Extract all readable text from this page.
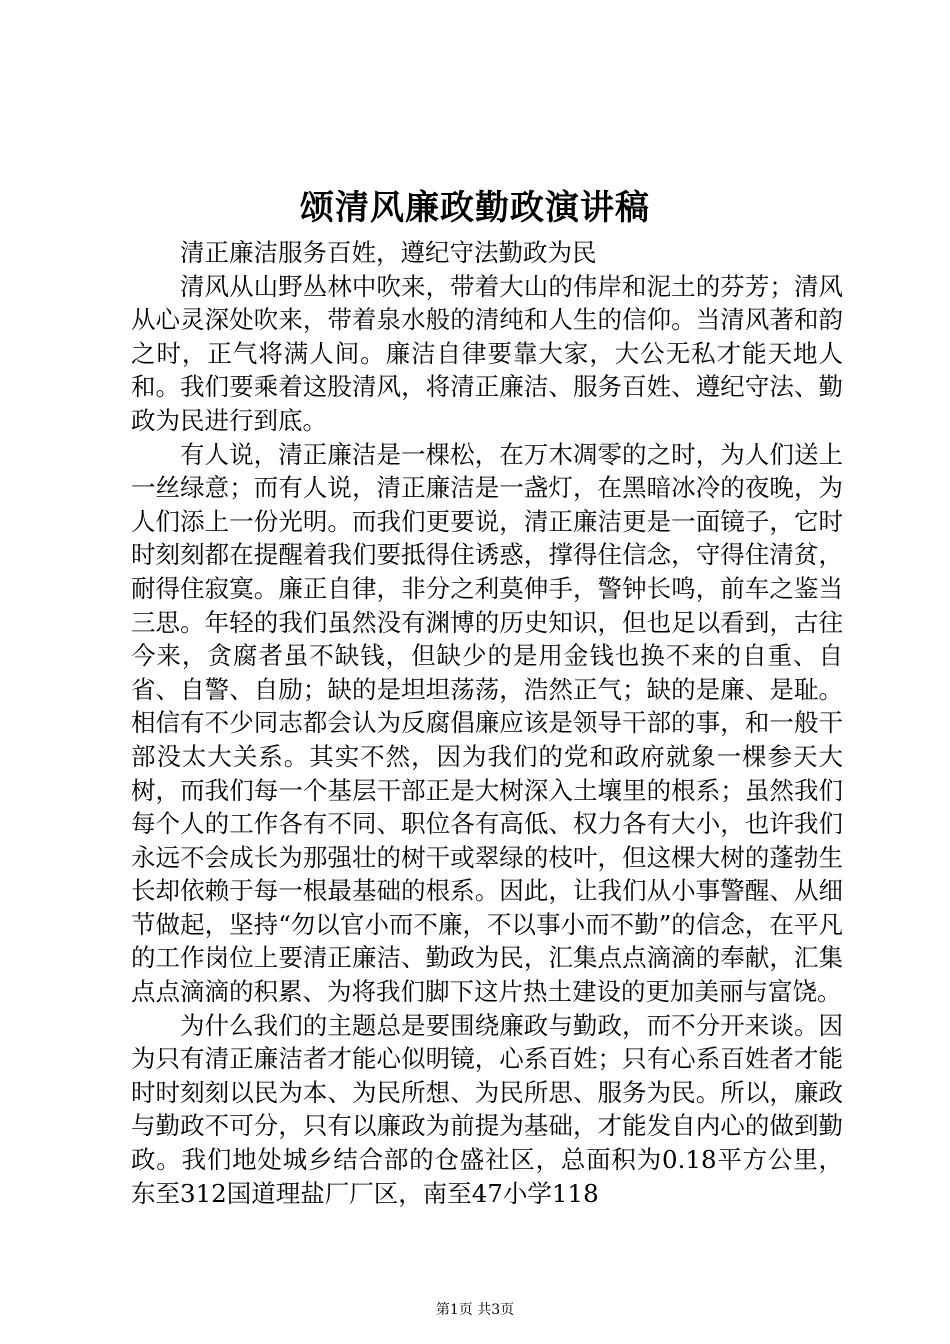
颂清风廉政勤政演讲稿

清正廉洁服务百姓，遵纪守法勤政为民

清风从山野丛林中吹来，带着大山的伟岸和泥土的芬芳；清风从心灵深处吹来，带着泉水般的清纯和人生的信仰。当清风著和韵之时，正气将满人间。廉洁自律要靠大家，大公无私才能天地人和。我们要乘着这股清风，将清正廉洁、服务百姓、遵纪守法、勤政为民进行到底。

有人说，清正廉洁是一棵松，在万木凋零的之时，为人们送上一丝绿意；而有人说，清正廉洁是一盏灯，在黑暗冰冷的夜晚，为人们添上一份光明。而我们更要说，清正廉洁更是一面镜子，它时时刻刻都在提醒着我们要抵得住诱惑，撑得住信念，守得住清贫，耐得住寂寞。廉正自律，非分之利莫伸手，警钟长鸣，前车之鉴当三思。年轻的我们虽然没有渊博的历史知识，但也足以看到，古往今来，贪腐者虽不缺钱，但缺少的是用金钱也换不来的自重、自省、自警、自励；缺的是坦坦荡荡，浩然正气；缺的是廉、是耻。相信有不少同志都会认为反腐倡廉应该是领导干部的事，和一般干部没太大关系。其实不然，因为我们的党和政府就象一棵参天大树，而我们每一个基层干部正是大树深入土壤里的根系；虽然我们每个人的工作各有不同、职位各有高低、权力各有大小，也许我们永远不会成长为那强壮的树干或翠绿的枝叶，但这棵大树的蓬勃生长却依赖于每一根最基础的根系。因此，让我们从小事警醒、从细节做起，坚持“勿以官小而不廉，不以事小而不勤”的信念，在平凡的工作岗位上要清正廉洁、勤政为民，汇集点点滴滴的奉献，汇集点点滴滴的积累、为将我们脚下这片热土建设的更加美丽与富饶。

为什么我们的主题总是要围绕廉政与勤政，而不分开来谈。因为只有清正廉洁者才能心似明镜，心系百姓；只有心系百姓者才能时时刻刻以民为本、为民所想、为民所思、服务为民。所以，廉政与勤政不可分，只有以廉政为前提为基础，才能发自内心的做到勤政。我们地处城乡结合部的仓盛社区，总面积为0.18平方公里，东至312国道理盐厂厂区，南至47小学118

第1页 共3页
